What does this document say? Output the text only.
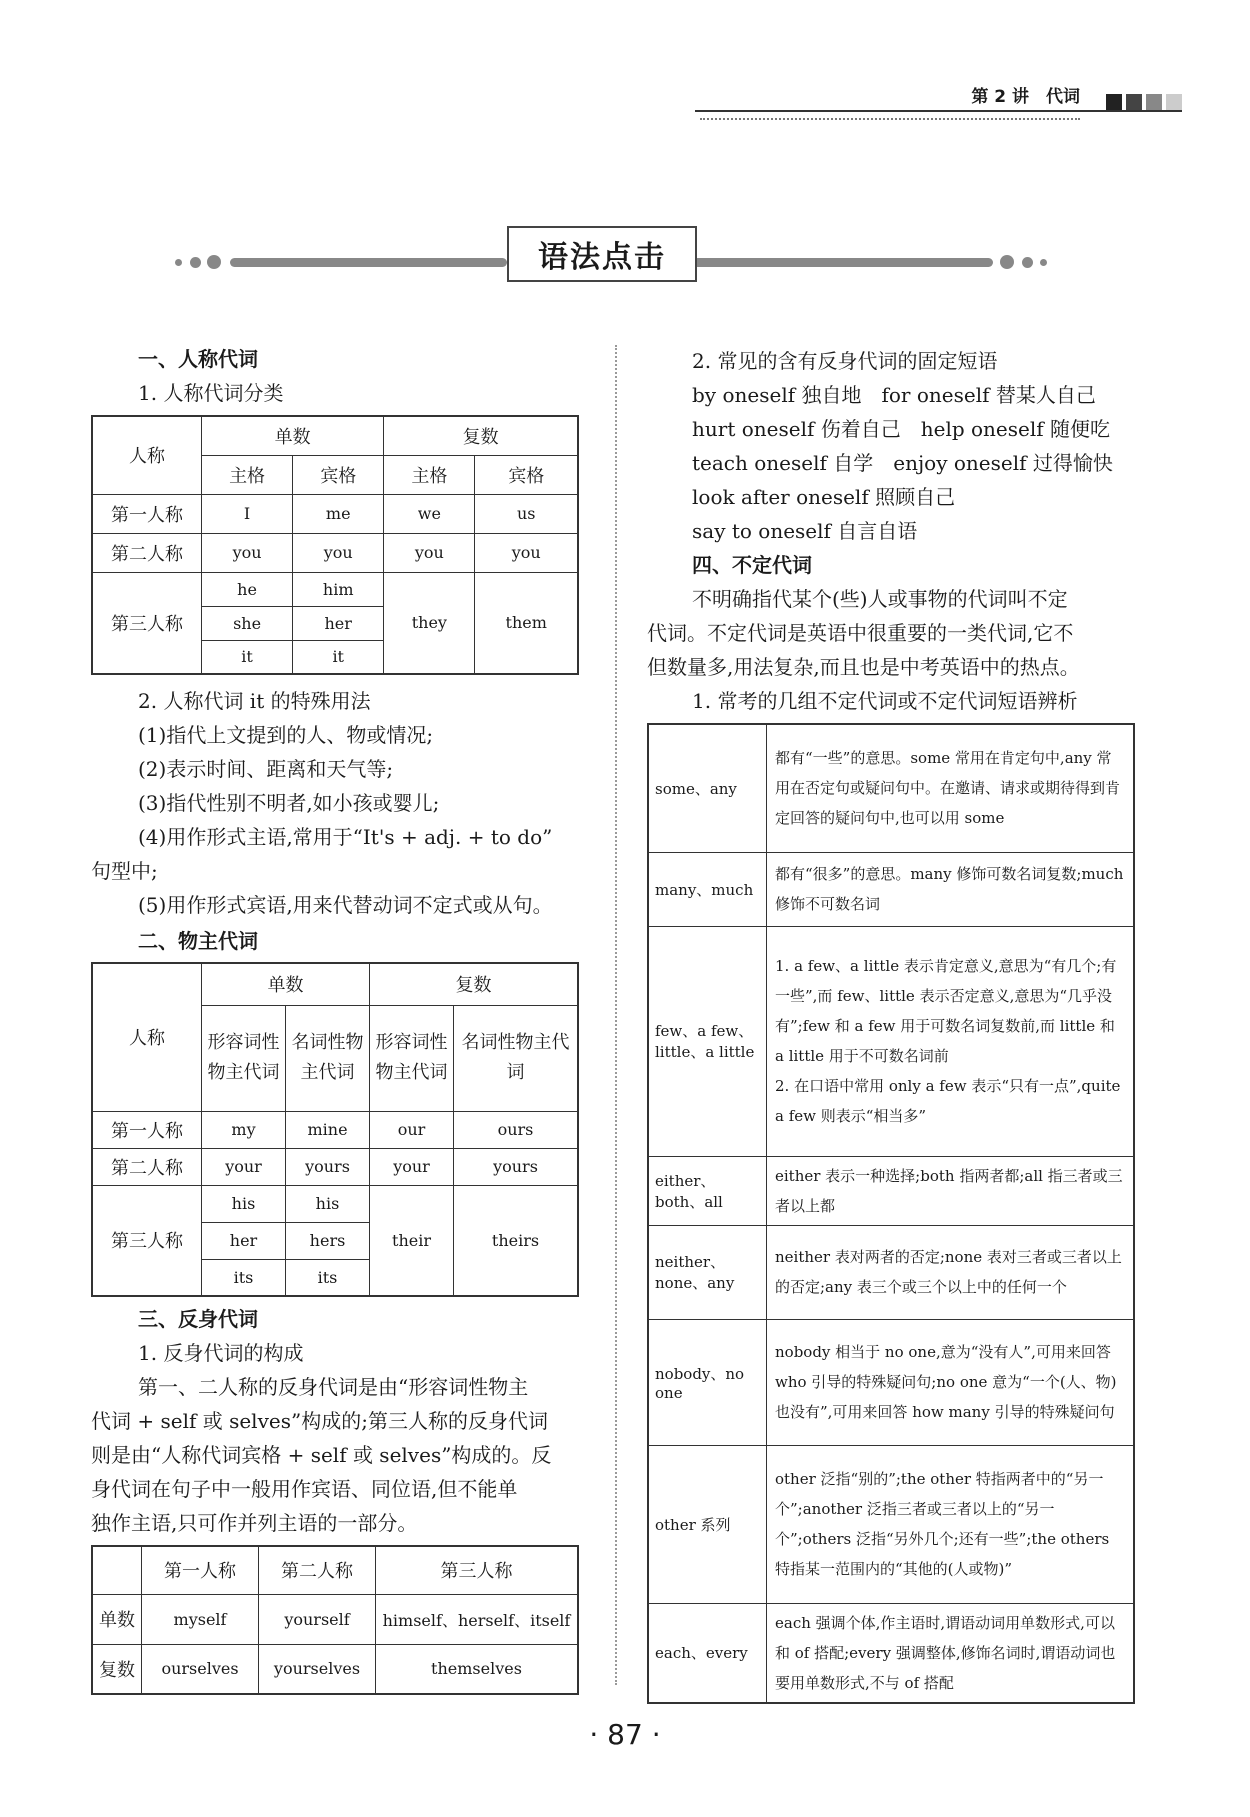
第 2 讲　代词
语法点击
一、人称代词
1. 人称代词分类
人称	单数		复数	
	主格	宾格	主格	宾格
第一人称	I	me	we	us
第二人称	you	you	you	you
第三人称	he	him	they	them
	she	her		
	it	it		
2. 人称代词 it 的特殊用法
(1)指代上文提到的人、物或情况;
(2)表示时间、距离和天气等;
(3)指代性别不明者,如小孩或婴儿;
(4)用作形式主语,常用于“It's + adj. + to do”
句型中;
(5)用作形式宾语,用来代替动词不定式或从句。
二、物主代词
人称	单数		复数	
	形容词性物主代词	名词性物主代词	形容词性物主代词	名词性物主代词
第一人称	my	mine	our	ours
第二人称	your	yours	your	yours
第三人称	his	his	their	theirs
	her	hers		
	its	its		
三、反身代词
1. 反身代词的构成
第一、二人称的反身代词是由“形容词性物主
代词 + self 或 selves”构成的;第三人称的反身代词
则是由“人称代词宾格 + self 或 selves”构成的。反
身代词在句子中一般用作宾语、同位语,但不能单
独作主语,只可作并列主语的一部分。
	第一人称	第二人称	第三人称
单数	myself	yourself	himself、herself、itself
复数	ourselves	yourselves	themselves
2. 常见的含有反身代词的固定短语
by oneself 独自地　for oneself 替某人自己
hurt oneself 伤着自己　help oneself 随便吃
teach oneself 自学　enjoy oneself 过得愉快
look after oneself 照顾自己
say to oneself 自言自语
四、不定代词
不明确指代某个(些)人或事物的代词叫不定
代词。不定代词是英语中很重要的一类代词,它不
但数量多,用法复杂,而且也是中考英语中的热点。
1. 常考的几组不定代词或不定代词短语辨析
some、any	都有“一些”的意思。some 常用在肯定句中,any 常用在否定句或疑问句中。在邀请、请求或期待得到肯定回答的疑问句中,也可以用 some
many、much	都有“很多”的意思。many 修饰可数名词复数;much 修饰不可数名词
few、a few、little、a little	1. a few、a little 表示肯定意义,意思为“有几个;有一些”,而 few、little 表示否定意义,意思为“几乎没有”;few 和 a few 用于可数名词复数前,而 little 和 a little 用于不可数名词前
2. 在口语中常用 only a few 表示“只有一点”,quite a few 则表示“相当多”
either、both、all	either 表示一种选择;both 指两者都;all 指三者或三者以上都
neither、none、any	neither 表对两者的否定;none 表对三者或三者以上的否定;any 表三个或三个以上中的任何一个
nobody、no one	nobody 相当于 no one,意为“没有人”,可用来回答 who 引导的特殊疑问句;no one 意为“一个(人、物)也没有”,可用来回答 how many 引导的特殊疑问句
other 系列	other 泛指“别的”;the other 特指两者中的“另一个”;another 泛指三者或三者以上的“另一个”;others 泛指“另外几个;还有一些”;the others 特指某一范围内的“其他的(人或物)”
each、every	each 强调个体,作主语时,谓语动词用单数形式,可以和 of 搭配;every 强调整体,修饰名词时,谓语动词也要用单数形式,不与 of 搭配
· 87 ·
